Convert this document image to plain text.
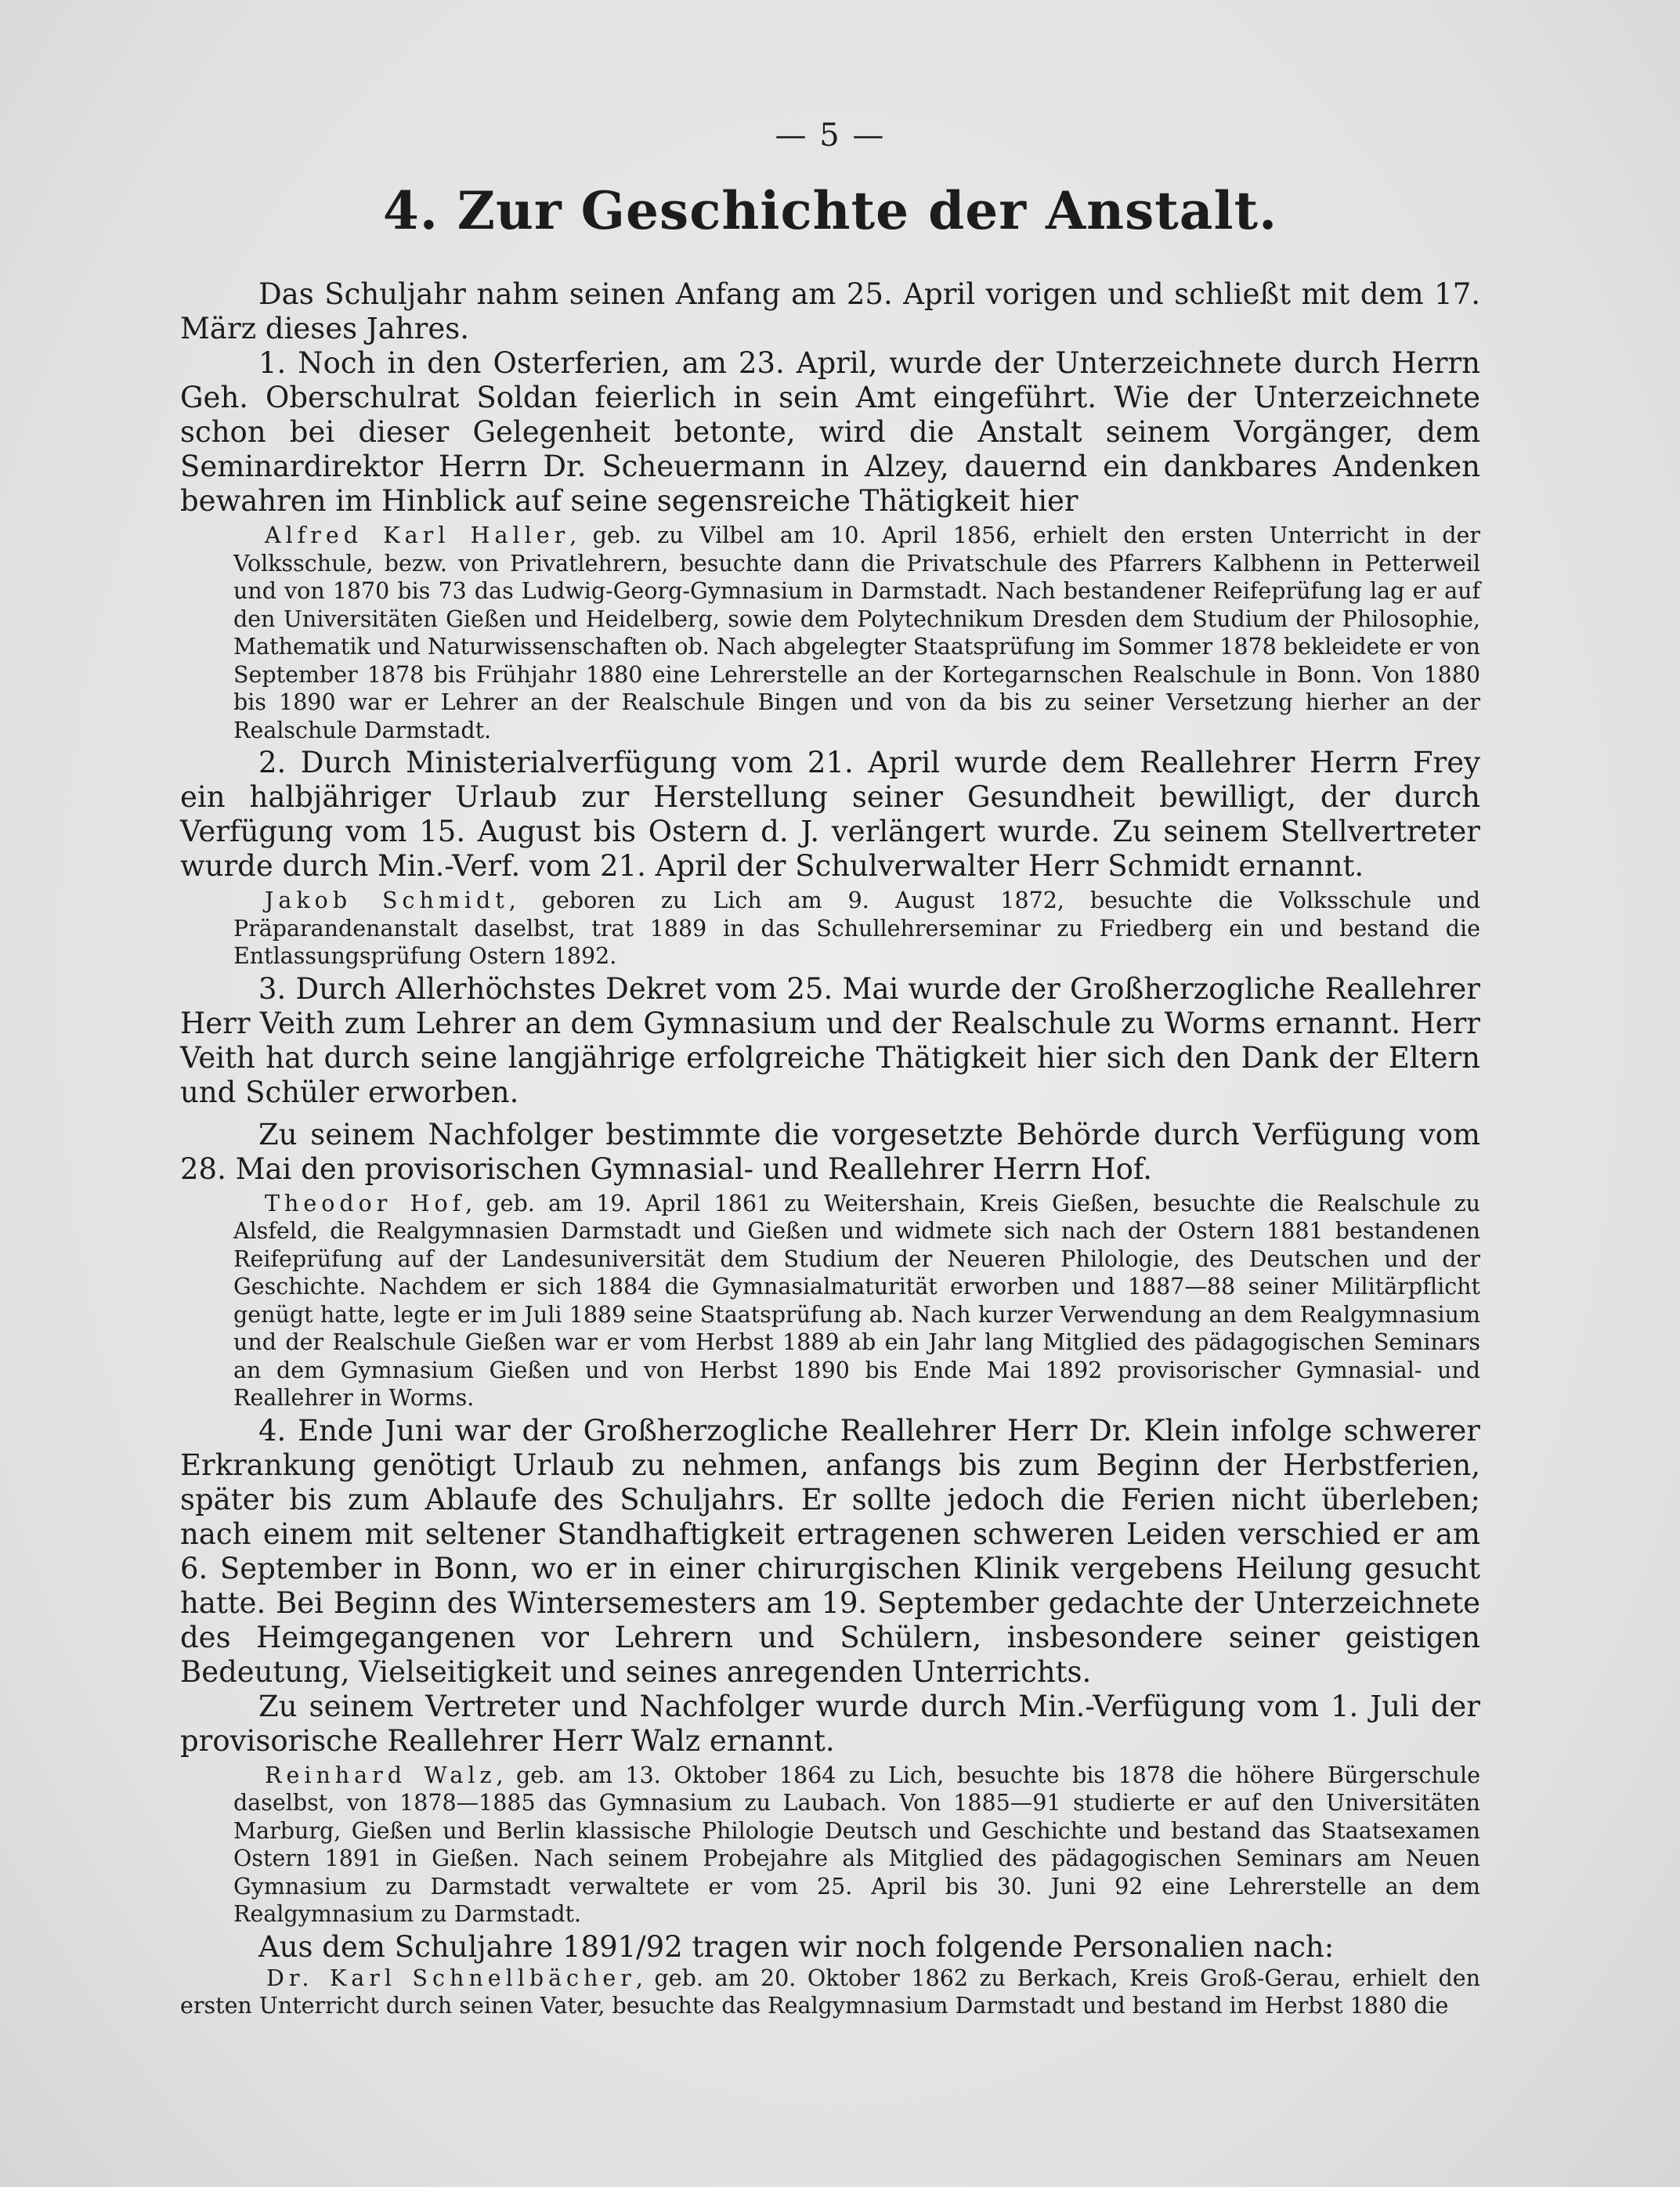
— 5 —
4. Zur Geschichte der Anstalt.

Das Schuljahr nahm seinen Anfang am 25. April vorigen und schließt mit dem 17. März dieses Jahres.

1. Noch in den Osterferien, am 23. April, wurde der Unterzeichnete durch Herrn Geh. Oberschulrat Soldan feierlich in sein Amt eingeführt. Wie der Unterzeichnete schon bei dieser Gelegenheit betonte, wird die Anstalt seinem Vorgänger, dem Seminardirektor Herrn Dr. Scheuermann in Alzey, dauernd ein dankbares Andenken bewahren im Hinblick auf seine segensreiche Thätigkeit hier

Alfred Karl Haller, geb. zu Vilbel am 10. April 1856, erhielt den ersten Unterricht in der Volksschule, bezw. von Privatlehrern, besuchte dann die Privatschule des Pfarrers Kalbhenn in Petterweil und von 1870 bis 73 das Ludwig-Georg-Gymnasium in Darmstadt. Nach bestandener Reifeprüfung lag er auf den Universitäten Gießen und Heidelberg, sowie dem Polytechnikum Dresden dem Studium der Philosophie, Mathematik und Naturwissenschaften ob. Nach abgelegter Staatsprüfung im Sommer 1878 bekleidete er von September 1878 bis Frühjahr 1880 eine Lehrerstelle an der Kortegarnschen Realschule in Bonn. Von 1880 bis 1890 war er Lehrer an der Realschule Bingen und von da bis zu seiner Versetzung hierher an der Realschule Darmstadt.

2. Durch Ministerialverfügung vom 21. April wurde dem Reallehrer Herrn Frey ein halbjähriger Urlaub zur Herstellung seiner Gesundheit bewilligt, der durch Verfügung vom 15. August bis Ostern d. J. verlängert wurde. Zu seinem Stellvertreter wurde durch Min.-Verf. vom 21. April der Schulverwalter Herr Schmidt ernannt.

Jakob Schmidt, geboren zu Lich am 9. August 1872, besuchte die Volksschule und Präparandenanstalt daselbst, trat 1889 in das Schullehrerseminar zu Friedberg ein und bestand die Entlassungsprüfung Ostern 1892.

3. Durch Allerhöchstes Dekret vom 25. Mai wurde der Großherzogliche Reallehrer Herr Veith zum Lehrer an dem Gymnasium und der Realschule zu Worms ernannt. Herr Veith hat durch seine langjährige erfolgreiche Thätigkeit hier sich den Dank der Eltern und Schüler erworben.

Zu seinem Nachfolger bestimmte die vorgesetzte Behörde durch Verfügung vom 28. Mai den provisorischen Gymnasial- und Reallehrer Herrn Hof.

Theodor Hof, geb. am 19. April 1861 zu Weitershain, Kreis Gießen, besuchte die Realschule zu Alsfeld, die Realgymnasien Darmstadt und Gießen und widmete sich nach der Ostern 1881 bestandenen Reifeprüfung auf der Landesuniversität dem Studium der Neueren Philologie, des Deutschen und der Geschichte. Nachdem er sich 1884 die Gymnasialmaturität erworben und 1887—88 seiner Militärpflicht genügt hatte, legte er im Juli 1889 seine Staatsprüfung ab. Nach kurzer Verwendung an dem Realgymnasium und der Realschule Gießen war er vom Herbst 1889 ab ein Jahr lang Mitglied des pädagogischen Seminars an dem Gymnasium Gießen und von Herbst 1890 bis Ende Mai 1892 provisorischer Gymnasial- und Reallehrer in Worms.

4. Ende Juni war der Großherzogliche Reallehrer Herr Dr. Klein infolge schwerer Erkrankung genötigt Urlaub zu nehmen, anfangs bis zum Beginn der Herbstferien, später bis zum Ablaufe des Schuljahrs. Er sollte jedoch die Ferien nicht überleben; nach einem mit seltener Standhaftigkeit ertragenen schweren Leiden verschied er am 6. September in Bonn, wo er in einer chirurgischen Klinik vergebens Heilung gesucht hatte. Bei Beginn des Wintersemesters am 19. September gedachte der Unterzeichnete des Heimgegangenen vor Lehrern und Schülern, insbesondere seiner geistigen Bedeutung, Vielseitigkeit und seines anregenden Unterrichts.

Zu seinem Vertreter und Nachfolger wurde durch Min.-Verfügung vom 1. Juli der provisorische Reallehrer Herr Walz ernannt.

Reinhard Walz, geb. am 13. Oktober 1864 zu Lich, besuchte bis 1878 die höhere Bürgerschule daselbst, von 1878—1885 das Gymnasium zu Laubach. Von 1885—91 studierte er auf den Universitäten Marburg, Gießen und Berlin klassische Philologie Deutsch und Geschichte und bestand das Staatsexamen Ostern 1891 in Gießen. Nach seinem Probejahre als Mitglied des pädagogischen Seminars am Neuen Gymnasium zu Darmstadt verwaltete er vom 25. April bis 30. Juni 92 eine Lehrerstelle an dem Realgymnasium zu Darmstadt.

Aus dem Schuljahre 1891/92 tragen wir noch folgende Personalien nach:

Dr. Karl Schnellbächer, geb. am 20. Oktober 1862 zu Berkach, Kreis Groß-Gerau, erhielt den ersten Unterricht durch seinen Vater, besuchte das Realgymnasium Darmstadt und bestand im Herbst 1880 die
